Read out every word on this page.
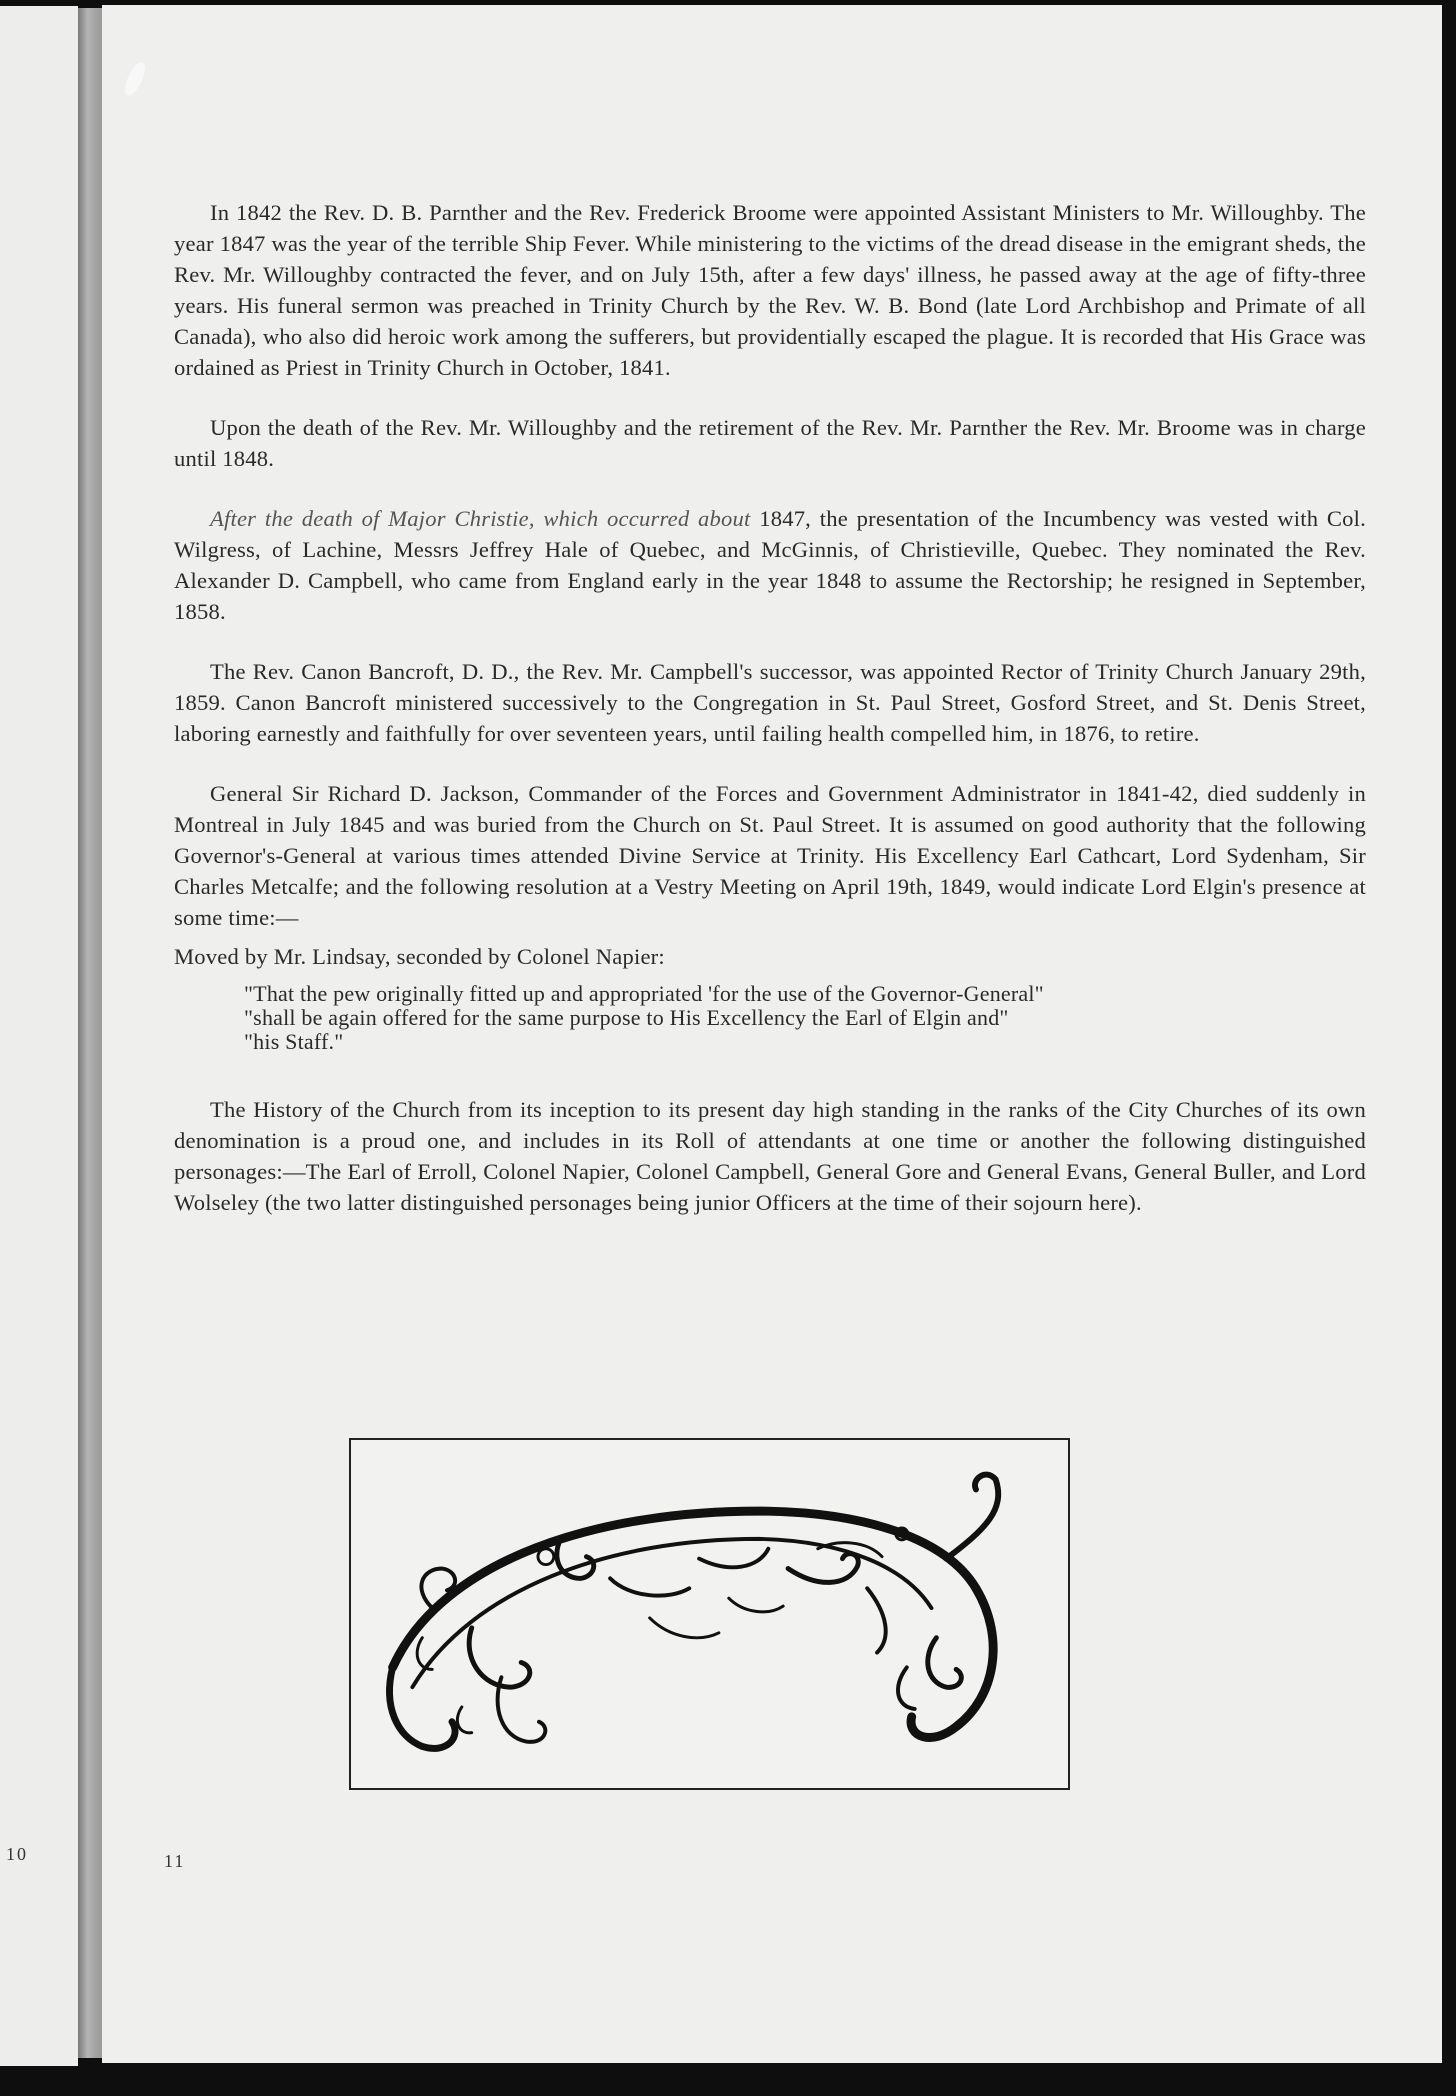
10

In 1842 the Rev. D. B. Parnther and the Rev. Frederick Broome were appointed Assistant Ministers to Mr. Willoughby. The year 1847 was the year of the terrible Ship Fever. While ministering to the victims of the dread disease in the emigrant sheds, the Rev. Mr. Willoughby contracted the fever, and on July 15th, after a few days' illness, he passed away at the age of fifty-three years. His funeral sermon was preached in Trinity Church by the Rev. W. B. Bond (late Lord Archbishop and Primate of all Canada), who also did heroic work among the sufferers, but providentially escaped the plague. It is recorded that His Grace was ordained as Priest in Trinity Church in October, 1841.

Upon the death of the Rev. Mr. Willoughby and the retirement of the Rev. Mr. Parnther the Rev. Mr. Broome was in charge until 1848.

After the death of Major Christie, which occurred about 1847, the presentation of the Incumbency was vested with Col. Wilgress, of Lachine, Messrs Jeffrey Hale of Quebec, and McGinnis, of Christieville, Quebec. They nominated the Rev. Alexander D. Campbell, who came from England early in the year 1848 to assume the Rectorship; he resigned in September, 1858.

The Rev. Canon Bancroft, D. D., the Rev. Mr. Campbell's successor, was appointed Rector of Trinity Church January 29th, 1859. Canon Bancroft ministered successively to the Congregation in St. Paul Street, Gosford Street, and St. Denis Street, laboring earnestly and faithfully for over seventeen years, until failing health compelled him, in 1876, to retire.

General Sir Richard D. Jackson, Commander of the Forces and Government Administrator in 1841-42, died suddenly in Montreal in July 1845 and was buried from the Church on St. Paul Street. It is assumed on good authority that the following Governor's-General at various times attended Divine Service at Trinity. His Excellency Earl Cathcart, Lord Sydenham, Sir Charles Metcalfe; and the following resolution at a Vestry Meeting on April 19th, 1849, would indicate Lord Elgin's presence at some time:—

Moved by Mr. Lindsay, seconded by Colonel Napier:

"That the pew originally fitted up and appropriated 'for the use of the Governor-General"
"shall be again offered for the same purpose to His Excellency the Earl of Elgin and"
"his Staff."

The History of the Church from its inception to its present day high standing in the ranks of the City Churches of its own denomination is a proud one, and includes in its Roll of attendants at one time or another the following distinguished personages:—The Earl of Erroll, Colonel Napier, Colonel Campbell, General Gore and General Evans, General Buller, and Lord Wolseley (the two latter distinguished personages being junior Officers at the time of their sojourn here).

11
